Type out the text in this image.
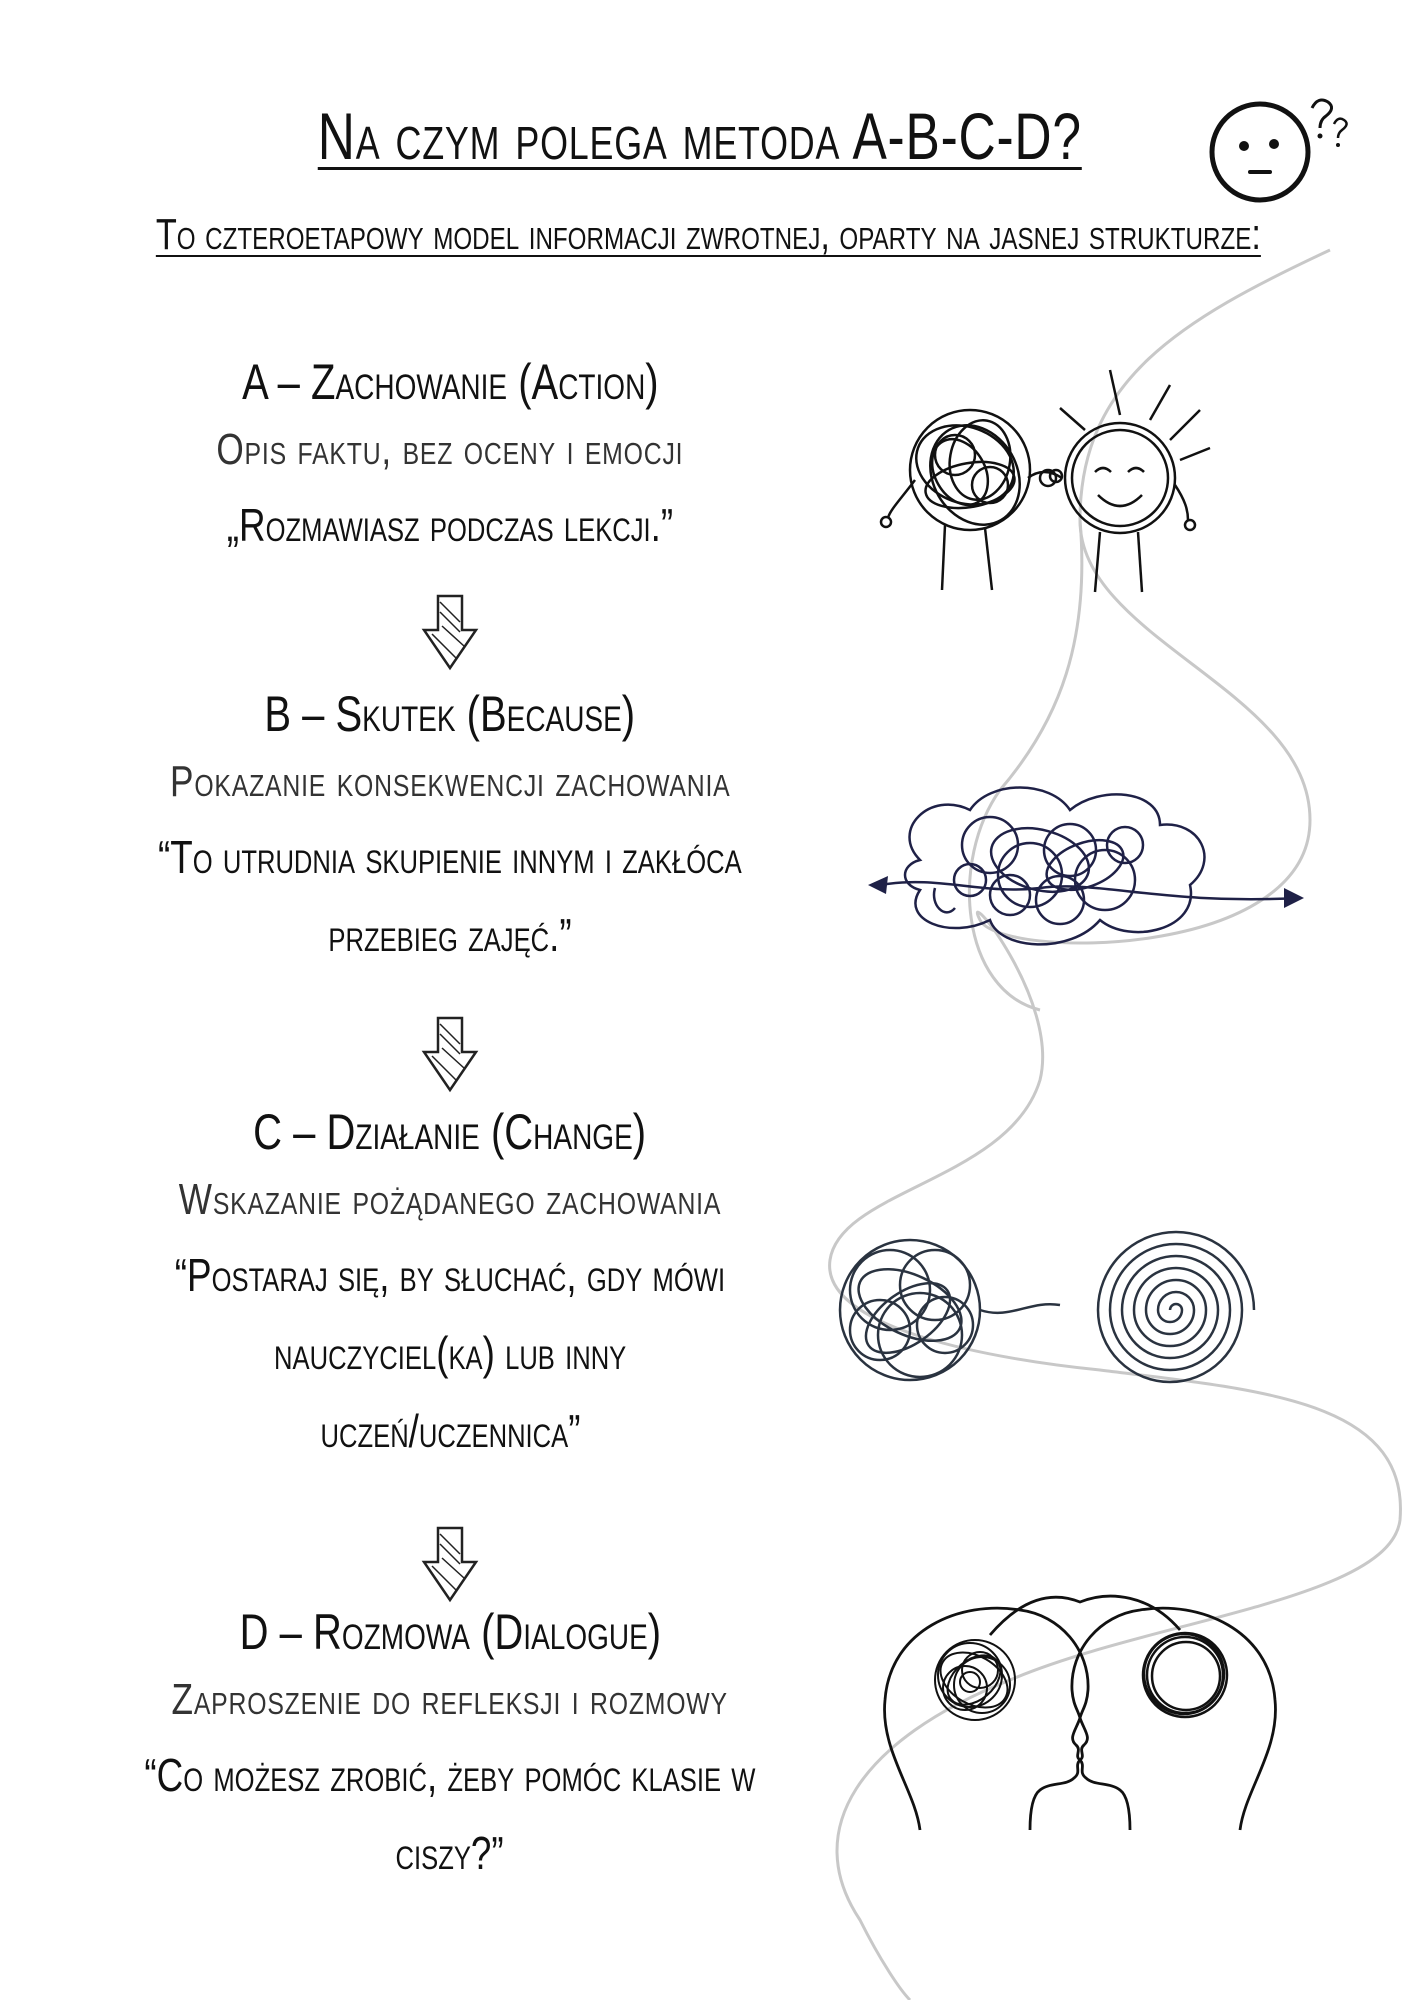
Na czym polega metoda A-B-C-D?
To czteroetapowy model informacji zwrotnej, oparty na jasnej strukturze:
A – Zachowanie (Action)
Opis faktu, bez oceny i emocji
„Rozmawiasz podczas lekcji.”
B – Skutek (Because)
Pokazanie konsekwencji zachowania
“To utrudnia skupienie innym i zakłóca
przebieg zajęć.”
C – Działanie (Change)
Wskazanie pożądanego zachowania
“Postaraj się, by słuchać, gdy mówi
nauczyciel(ka) lub inny
uczeń/uczennica”
D – Rozmowa (Dialogue)
Zaproszenie do refleksji i rozmowy
“Co możesz zrobić, żeby pomóc klasie w
ciszy?”
